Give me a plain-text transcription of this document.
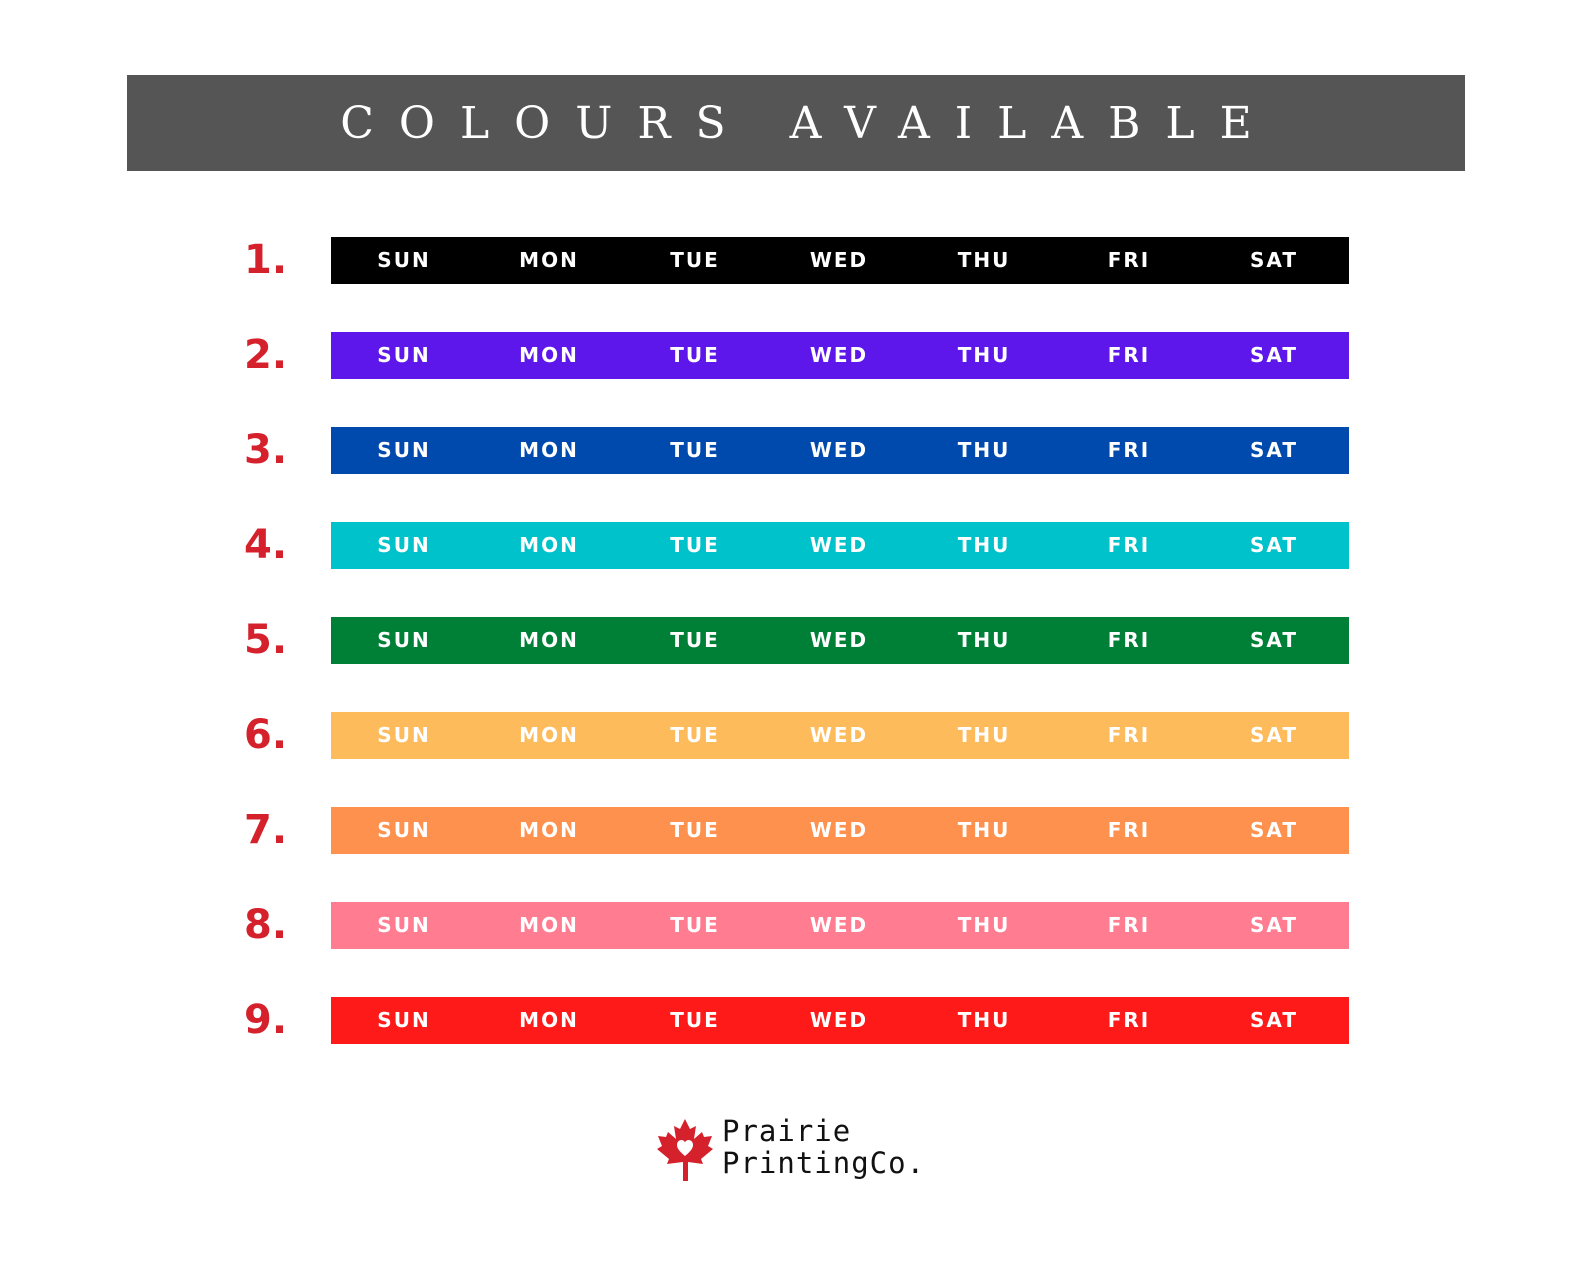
COLOURS AVAILABLE
1.	SUN	MON	TUE	WED	THU	FRI	SAT
2.	SUN	MON	TUE	WED	THU	FRI	SAT
3.	SUN	MON	TUE	WED	THU	FRI	SAT
4.	SUN	MON	TUE	WED	THU	FRI	SAT
5.	SUN	MON	TUE	WED	THU	FRI	SAT
6.	SUN	MON	TUE	WED	THU	FRI	SAT
7.	SUN	MON	TUE	WED	THU	FRI	SAT
8.	SUN	MON	TUE	WED	THU	FRI	SAT
9.	SUN	MON	TUE	WED	THU	FRI	SAT
Prairie
PrintingCo.
